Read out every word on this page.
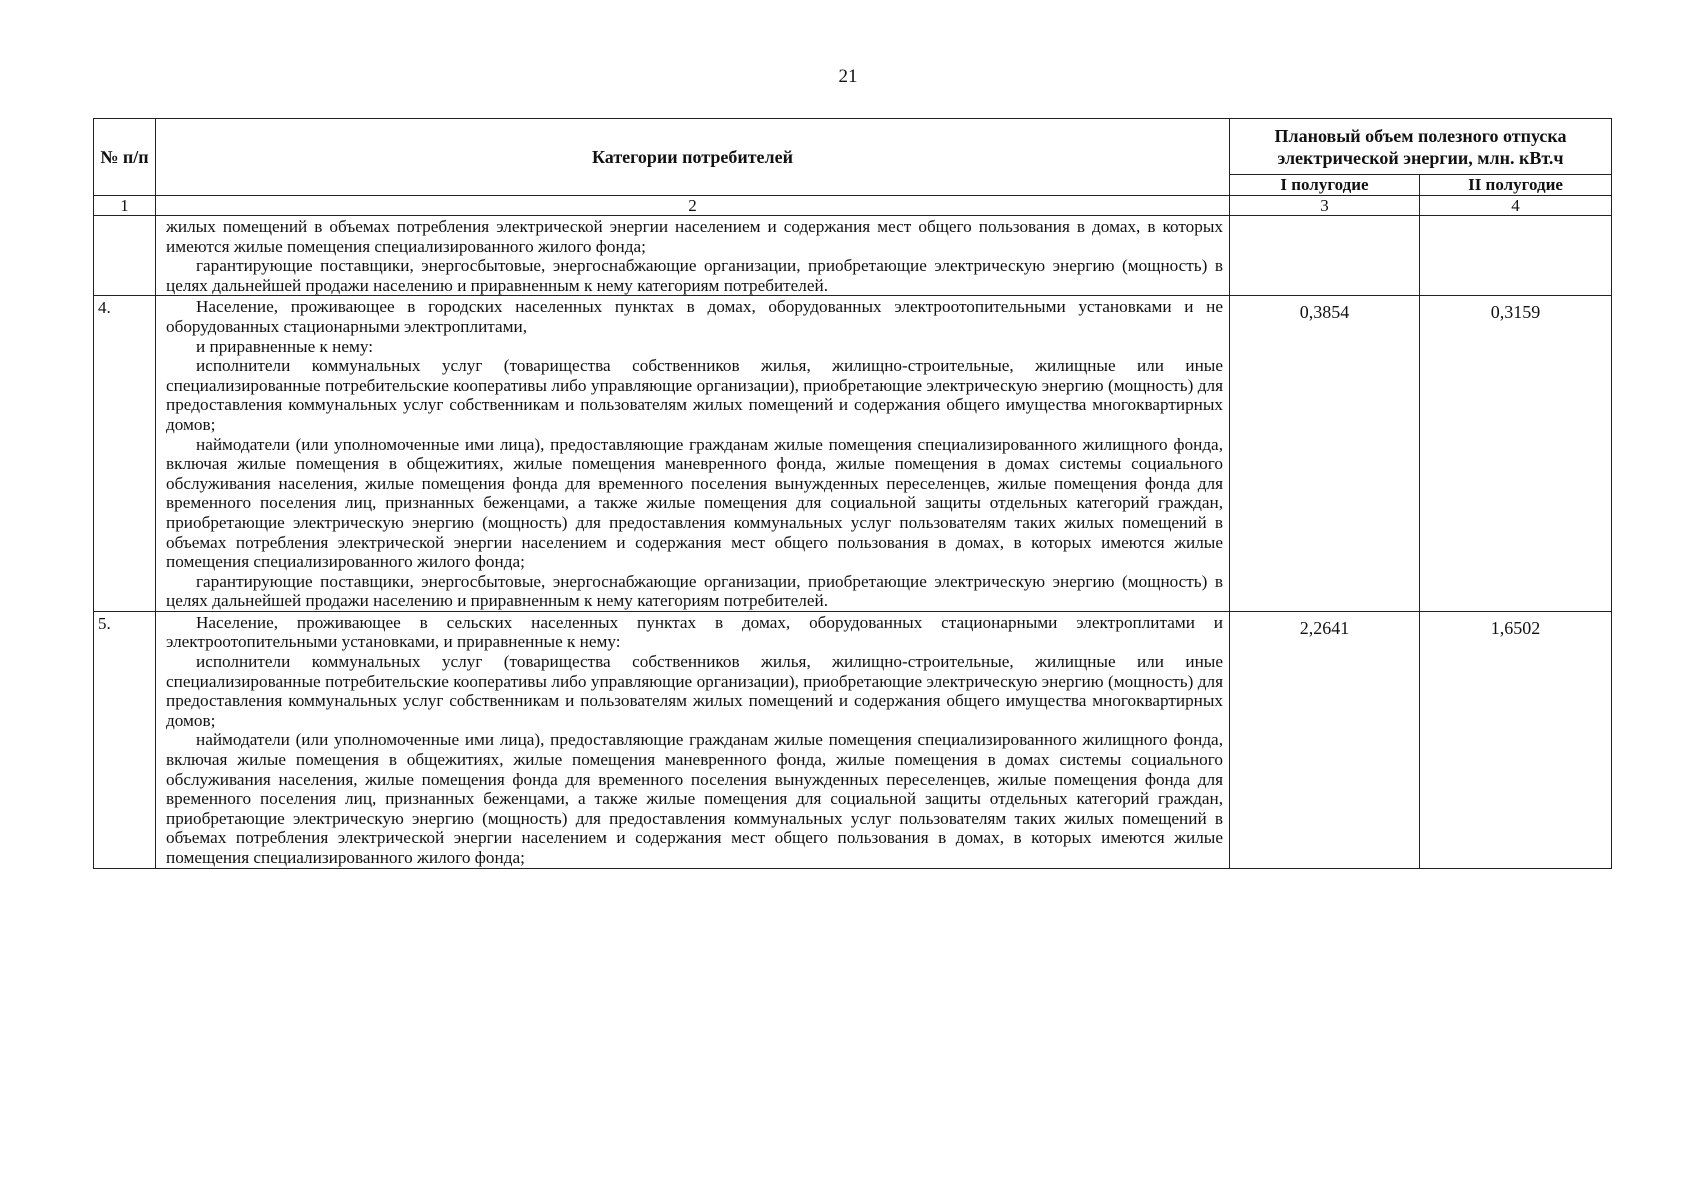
21
№ п/п	Категории потребителей	Плановый объем полезного отпуска электрической энергии, млн. кВт.ч	
		I полугодие	II полугодие
1	2	3	4

	жилых помещений в объемах потребления электрической энергии населением и содержания мест общего пользования в домах, в которых имеются жилые помещения специализированного жилого фонда;

гарантирующие поставщики, энергосбытовые, энергоснабжающие организации, приобретающие электрическую энергию (мощность) в целях дальнейшей продажи населению и приравненным к нему категориям потребителей.		

4.	Население, проживающее в городских населенных пунктах в домах, оборудованных электроотопительными установками и не оборудованных стационарными электроплитами,

и приравненные к нему:

исполнители коммунальных услуг (товарищества собственников жилья, жилищно-строительные, жилищные или иные специализированные потребительские кооперативы либо управляющие организации), приобретающие электрическую энергию (мощность) для предоставления коммунальных услуг собственникам и пользователям жилых помещений и содержания общего имущества многоквартирных домов;

наймодатели (или уполномоченные ими лица), предоставляющие гражданам жилые помещения специализированного жилищного фонда, включая жилые помещения в общежитиях, жилые помещения маневренного фонда, жилые помещения в домах системы социального обслуживания населения, жилые помещения фонда для временного поселения вынужденных переселенцев, жилые помещения фонда для временного поселения лиц, признанных беженцами, а также жилые помещения для социальной защиты отдельных категорий граждан, приобретающие электрическую энергию (мощность) для предоставления коммунальных услуг пользователям таких жилых помещений в объемах потребления электрической энергии населением и содержания мест общего пользования в домах, в которых имеются жилые помещения специализированного жилого фонда;

гарантирующие поставщики, энергосбытовые, энергоснабжающие организации, приобретающие электрическую энергию (мощность) в целях дальнейшей продажи населению и приравненным к нему категориям потребителей.	0,3854	0,3159
5.	Население, проживающее в сельских населенных пунктах в домах, оборудованных стационарными электроплитами и электроотопительными установками, и приравненные к нему:

исполнители коммунальных услуг (товарищества собственников жилья, жилищно-строительные, жилищные или иные специализированные потребительские кооперативы либо управляющие организации), приобретающие электрическую энергию (мощность) для предоставления коммунальных услуг собственникам и пользователям жилых помещений и содержания общего имущества многоквартирных домов;

наймодатели (или уполномоченные ими лица), предоставляющие гражданам жилые помещения специализированного жилищного фонда, включая жилые помещения в общежитиях, жилые помещения маневренного фонда, жилые помещения в домах системы социального обслуживания населения, жилые помещения фонда для временного поселения вынужденных переселенцев, жилые помещения фонда для временного поселения лиц, признанных беженцами, а также жилые помещения для социальной защиты отдельных категорий граждан, приобретающие электрическую энергию (мощность) для предоставления коммунальных услуг пользователям таких жилых помещений в объемах потребления электрической энергии населением и содержания мест общего пользования в домах, в которых имеются жилые помещения специализированного жилого фонда;	2,2641	1,6502
